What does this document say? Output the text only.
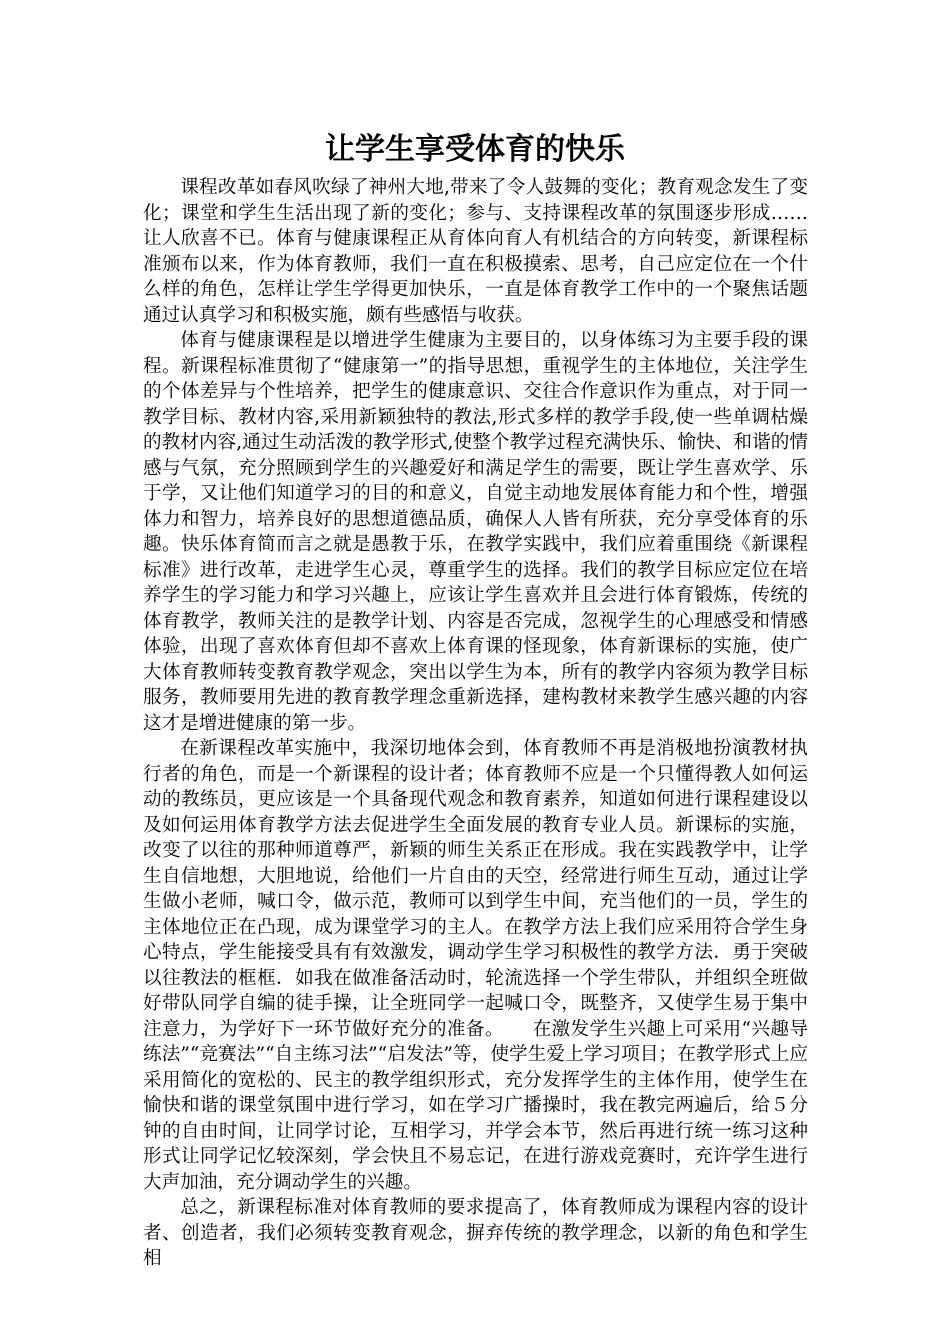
让学生享受体育的快乐

课程改革如春风吹绿了神州大地,带来了令人鼓舞的变化；教育观念发生了变化；课堂和学生生活出现了新的变化；参与、支持课程改革的氛围逐步形成……让人欣喜不已。体育与健康课程正从育体向育人有机结合的方向转变，新课程标准颁布以来，作为体育教师，我们一直在积极摸索、思考，自己应定位在一个什么样的角色，怎样让学生学得更加快乐，一直是体育教学工作中的一个聚焦话题通过认真学习和积极实施，颇有些感悟与收获。

体育与健康课程是以增进学生健康为主要目的，以身体练习为主要手段的课程。新课程标准贯彻了“健康第一”的指导思想，重视学生的主体地位，关注学生的个体差异与个性培养，把学生的健康意识、交往合作意识作为重点，对于同一教学目标、教材内容,采用新颖独特的教法,形式多样的教学手段,使一些单调枯燥的教材内容,通过生动活泼的教学形式,使整个教学过程充满快乐、愉快、和谐的情感与气氛，充分照顾到学生的兴趣爱好和满足学生的需要，既让学生喜欢学、乐于学，又让他们知道学习的目的和意义，自觉主动地发展体育能力和个性，增强体力和智力，培养良好的思想道德品质，确保人人皆有所获，充分享受体育的乐趣。快乐体育简而言之就是愚教于乐，在教学实践中，我们应着重围绕《新课程标准》进行改革，走进学生心灵，尊重学生的选择。我们的教学目标应定位在培养学生的学习能力和学习兴趣上，应该让学生喜欢并且会进行体育锻炼，传统的体育教学，教师关注的是教学计划、内容是否完成，忽视学生的心理感受和情感体验，出现了喜欢体育但却不喜欢上体育课的怪现象，体育新课标的实施，使广大体育教师转变教育教学观念，突出以学生为本，所有的教学内容须为教学目标服务，教师要用先进的教育教学理念重新选择，建构教材来教学生感兴趣的内容这才是增进健康的第一步。

在新课程改革实施中，我深切地体会到，体育教师不再是消极地扮演教材执行者的角色，而是一个新课程的设计者；体育教师不应是一个只懂得教人如何运动的教练员，更应该是一个具备现代观念和教育素养，知道如何进行课程建设以及如何运用体育教学方法去促进学生全面发展的教育专业人员。新课标的实施，改变了以往的那种师道尊严，新颖的师生关系正在形成。我在实践教学中，让学生自信地想，大胆地说，给他们一片自由的天空，经常进行师生互动，通过让学生做小老师，喊口令，做示范，教师可以到学生中间，充当他们的一员，学生的主体地位正在凸现，成为课堂学习的主人。在教学方法上我们应采用符合学生身心特点，学生能接受具有有效激发，调动学生学习积极性的教学方法．勇于突破以往教法的框框．如我在做准备活动时，轮流选择一个学生带队，并组织全班做好带队同学自编的徒手操，让全班同学一起喊口令，既整齐，又使学生易于集中注意力，为学好下一环节做好充分的准备。　　在激发学生兴趣上可采用“兴趣导练法”“竞赛法”“自主练习法”“启发法”等，使学生爱上学习项目；在教学形式上应采用简化的宽松的、民主的教学组织形式，充分发挥学生的主体作用，使学生在愉快和谐的课堂氛围中进行学习，如在学习广播操时，我在教完两遍后，给５分钟的自由时间，让同学讨论，互相学习，并学会本节，然后再进行统一练习这种形式让同学记忆较深刻，学会快且不易忘记，在进行游戏竞赛时，充许学生进行大声加油，充分调动学生的兴趣。

总之，新课程标准对体育教师的要求提高了，体育教师成为课程内容的设计者、创造者，我们必须转变教育观念，摒弃传统的教学理念，以新的角色和学生相
